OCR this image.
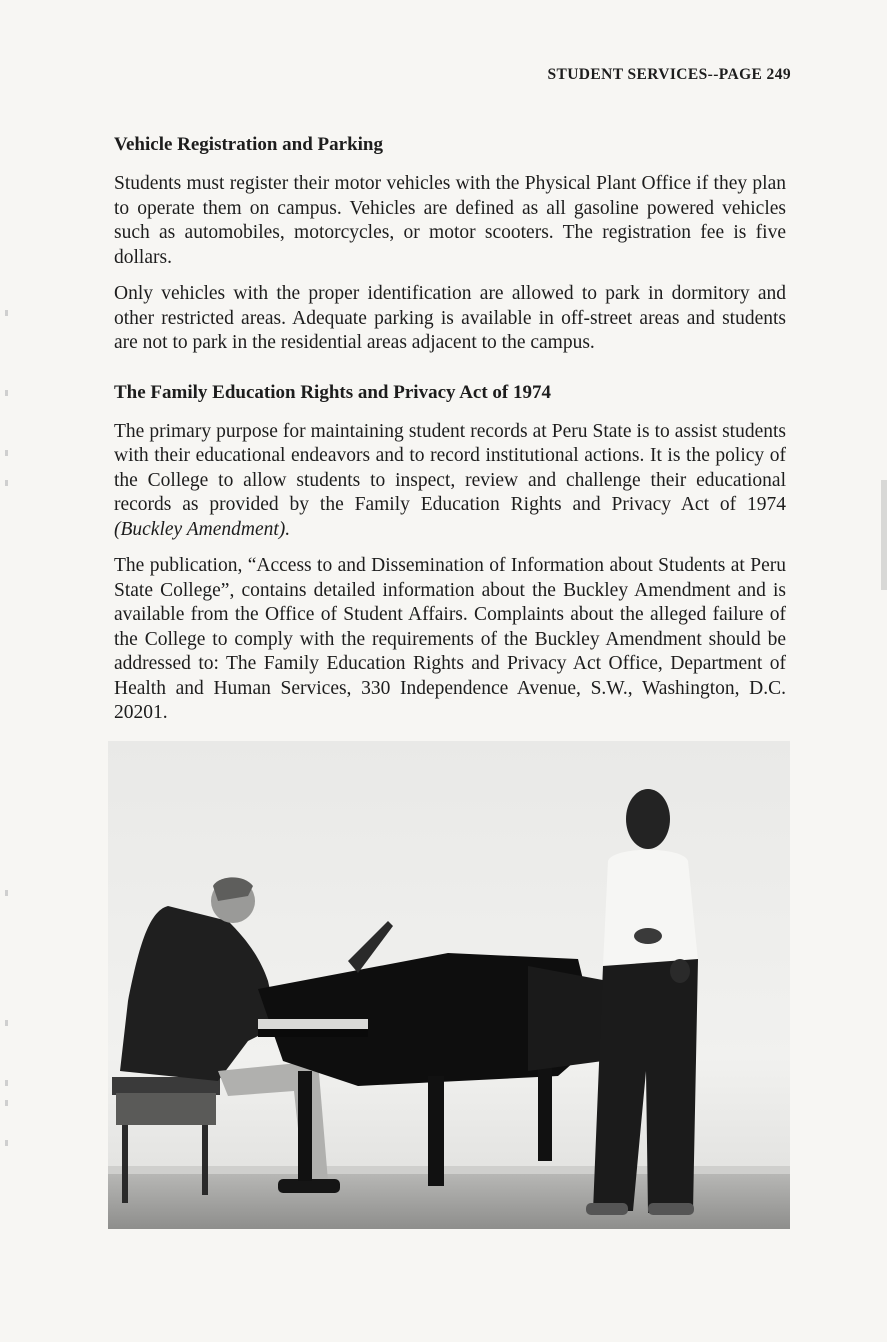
STUDENT SERVICES--PAGE 249
Vehicle Registration and Parking

Students must register their motor vehicles with the Physical Plant Office if they plan to operate them on campus. Vehicles are defined as all gasoline powered vehicles such as automobiles, motorcycles, or motor scooters. The registration fee is five dollars.

Only vehicles with the proper identification are allowed to park in dormitory and other restricted areas. Adequate parking is available in off-street areas and students are not to park in the residential areas adjacent to the campus.

The Family Education Rights and Privacy Act of 1974

The primary purpose for maintaining student records at Peru State is to assist students with their educational endeavors and to record institutional actions. It is the policy of the College to allow students to inspect, review and challenge their educational records as provided by the Family Education Rights and Privacy Act of 1974 (Buckley Amendment).

The publication, “Access to and Dissemination of Information about Students at Peru State College”, contains detailed information about the Buckley Amendment and is available from the Office of Student Affairs. Complaints about the alleged failure of the College to comply with the requirements of the Buckley Amendment should be addressed to: The Family Education Rights and Privacy Act Office, Department of Health and Human Services, 330 Independence Avenue, S.W., Washington, D.C. 20201.
